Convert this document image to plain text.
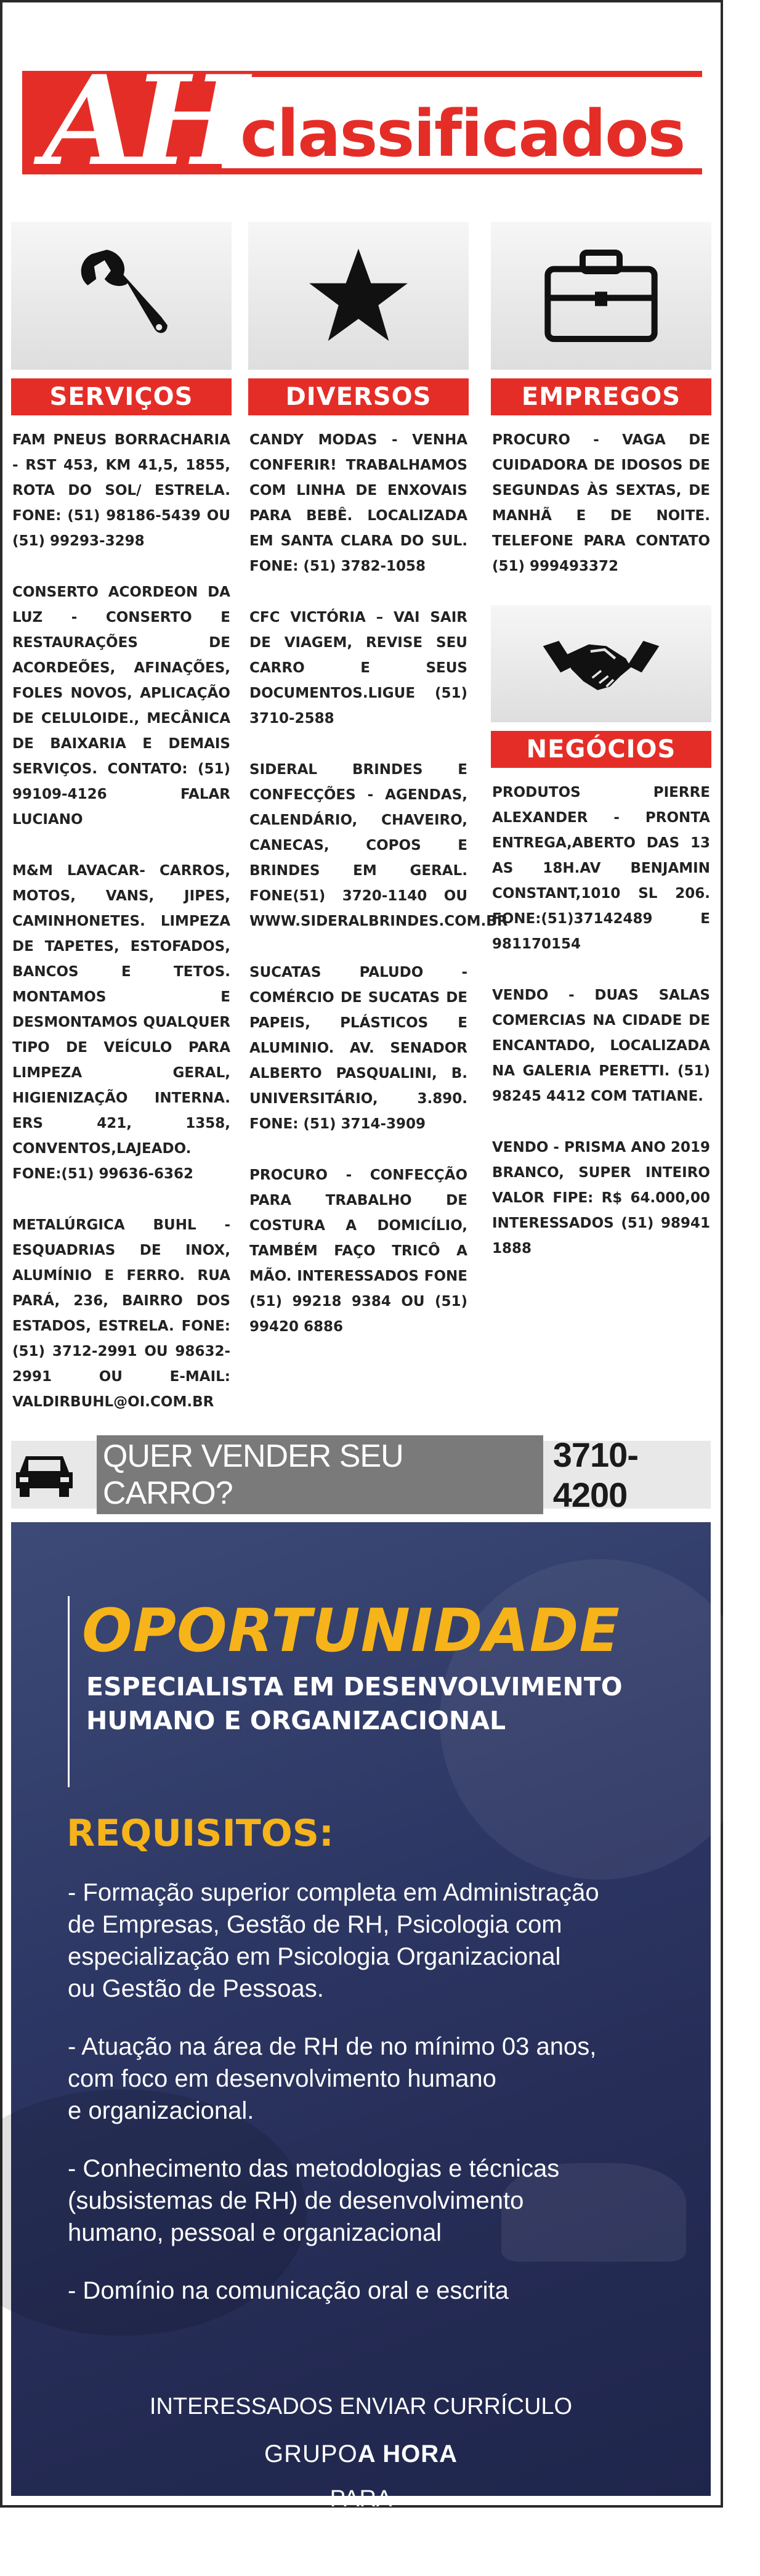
AH
classificados
SERVIÇOS
FAM PNEUS BORRACHARIA - RST 453, KM 41,5, 1855, ROTA DO SOL/ ESTRELA. FONE: (51) 98186-5439 OU (51) 99293-3298
CONSERTO ACORDEON DA LUZ - CONSERTO E RESTAURAÇÕES DE ACORDEÕES, AFINAÇÕES, FOLES NOVOS, APLICAÇÃO DE CELULOIDE., MECÂNICA DE BAIXARIA E DEMAIS SERVIÇOS. CONTATO: (51) 99109-4126 FALAR LUCIANO
M&M LAVACAR- CARROS, MOTOS, VANS, JIPES, CAMINHONETES. LIMPEZA DE TAPETES, ESTOFADOS, BANCOS E TETOS. MONTAMOS E DESMONTAMOS QUALQUER TIPO DE VEÍCULO PARA LIMPEZA GERAL, HIGIENIZAÇÃO INTERNA. ERS 421, 1358, CONVENTOS,LAJEADO. FONE:(51) 99636-6362
METALÚRGICA BUHL - ESQUADRIAS DE INOX, ALUMÍNIO E FERRO. RUA PARÁ, 236, BAIRRO DOS ESTADOS, ESTRELA. FONE: (51) 3712-2991 OU 98632-2991 OU E-MAIL: VALDIRBUHL@OI.COM.BR
DIVERSOS
CANDY MODAS - VENHA CONFERIR! TRABALHAMOS COM LINHA DE ENXOVAIS PARA BEBÊ. LOCALIZADA EM SANTA CLARA DO SUL. FONE: (51) 3782-1058
CFC VICTÓRIA – VAI SAIR DE VIAGEM, REVISE SEU CARRO E SEUS DOCUMENTOS.LIGUE (51) 3710-2588
SIDERAL BRINDES E CONFECÇÕES - AGENDAS, CALENDÁRIO, CHAVEIRO, CANECAS, COPOS E BRINDES EM GERAL. FONE(51) 3720-1140 OU WWW.SIDERALBRINDES.COM.BR
SUCATAS PALUDO - COMÉRCIO DE SUCATAS DE PAPEIS, PLÁSTICOS E ALUMINIO. AV. SENADOR ALBERTO PASQUALINI, B. UNIVERSITÁRIO, 3.890. FONE: (51) 3714-3909
PROCURO - CONFECÇÃO PARA TRABALHO DE COSTURA A DOMICÍLIO, TAMBÉM FAÇO TRICÔ A MÃO. INTERESSADOS FONE (51) 99218 9384 OU (51) 99420 6886
EMPREGOS
PROCURO - VAGA DE CUIDADORA DE IDOSOS DE SEGUNDAS ÀS SEXTAS, DE MANHÃ E DE NOITE. TELEFONE PARA CONTATO (51) 999493372
NEGÓCIOS
PRODUTOS PIERRE ALEXANDER - PRONTA ENTREGA,ABERTO DAS 13 AS 18H.AV BENJAMIN CONSTANT,1010 SL 206. FONE:(51)37142489 E 981170154
VENDO - DUAS SALAS COMERCIAS NA CIDADE DE ENCANTADO, LOCALIZADA NA GALERIA PERETTI. (51) 98245 4412 COM TATIANE.
VENDO - PRISMA ANO 2019 BRANCO, SUPER INTEIRO VALOR FIPE: R$ 64.000,00 INTERESSADOS (51) 98941 1888
QUER VENDER SEU CARRO?
3710-4200
OPORTUNIDADE
ESPECIALISTA EM DESENVOLVIMENTO
HUMANO E ORGANIZACIONAL
REQUISITOS:
- Formação superior completa em Administração
de Empresas, Gestão de RH, Psicologia com
especialização em Psicologia Organizacional
ou Gestão de Pessoas.
- Atuação na área de RH de no mínimo 03 anos,
com foco em desenvolvimento humano
e organizacional.
- Conhecimento das metodologias e técnicas
(subsistemas de RH) de desenvolvimento
humano, pessoal e organizacional
- Domínio na comunicação oral e escrita

INTERESSADOS ENVIAR CURRÍCULO

PARA
rh@grupoahora.net.br

GRUPOA HORA
